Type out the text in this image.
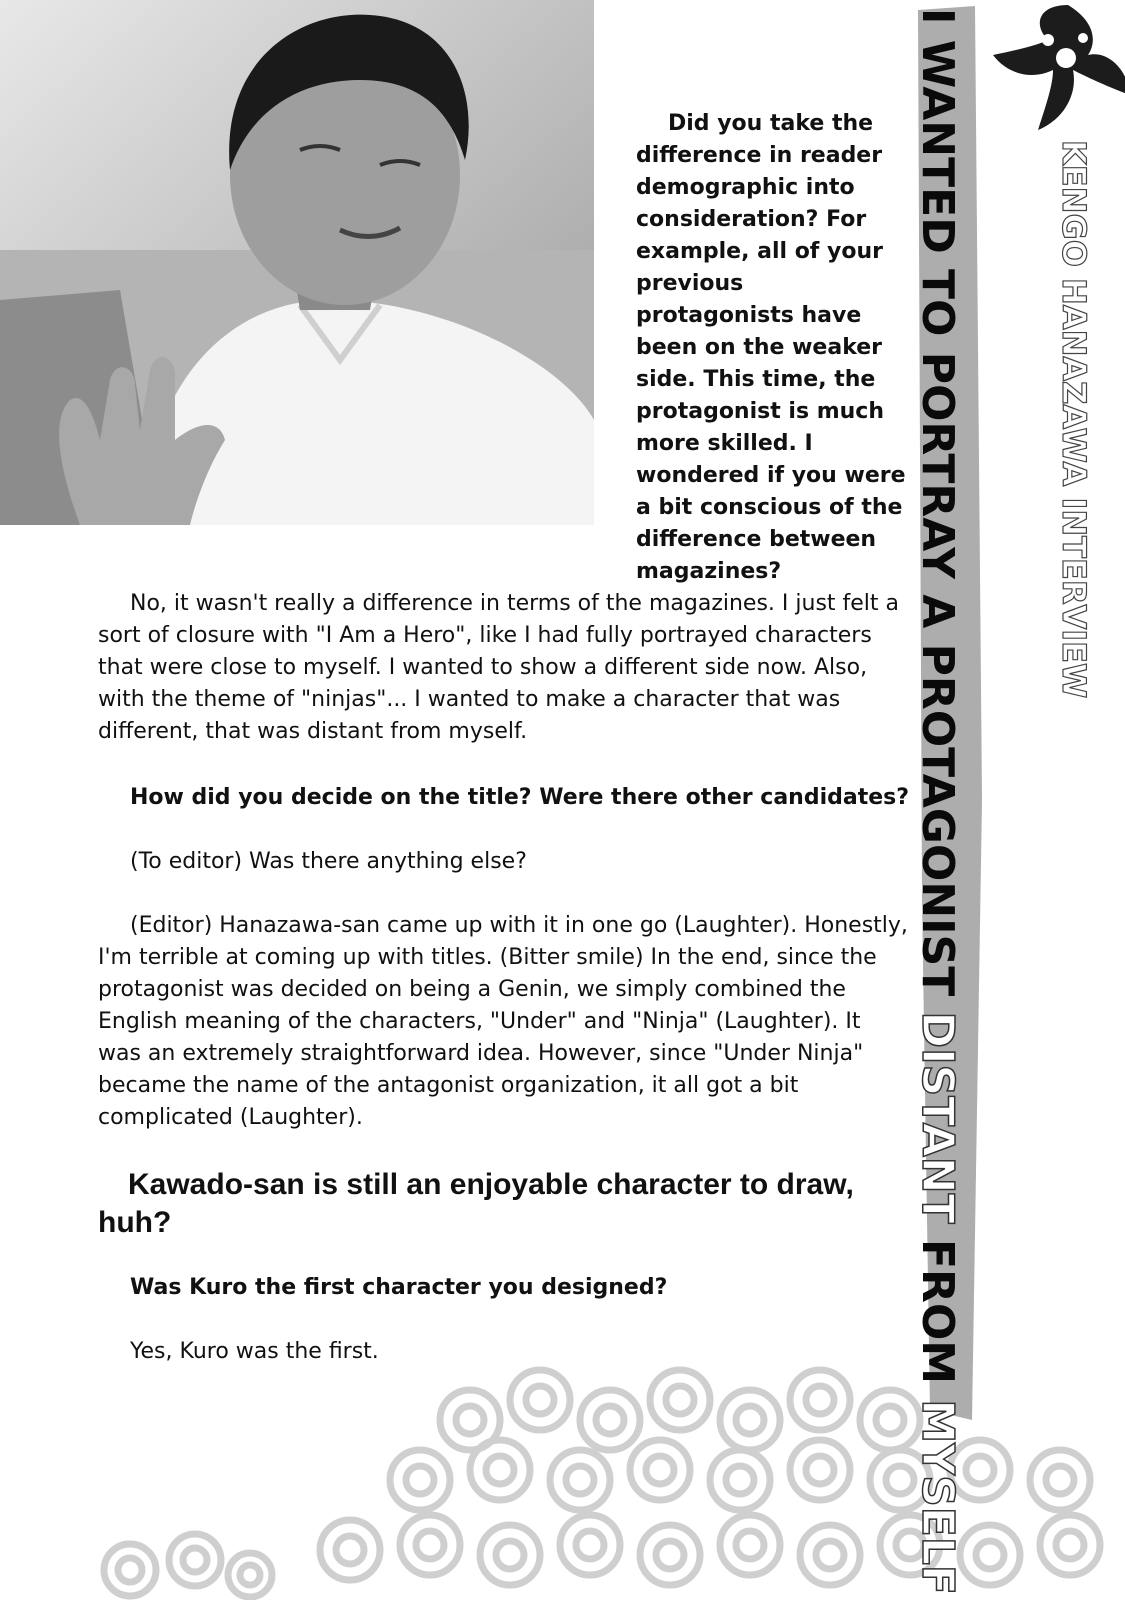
Did you take the difference in reader demographic into consideration? For example, all of your previous protagonists have been on the weaker side. This time, the protagonist is much more skilled. I wondered if you were a bit conscious of the difference between magazines?

No, it wasn't really a difference in terms of the magazines. I just felt a sort of closure with "I Am a Hero", like I had fully portrayed characters that were close to myself. I wanted to show a different side now. Also, with the theme of "ninjas"... I wanted to make a character that was different, that was distant from myself.

How did you decide on the title? Were there other candidates?

(To editor) Was there anything else?

(Editor) Hanazawa-san came up with it in one go (Laughter). Honestly, I'm terrible at coming up with titles. (Bitter smile) In the end, since the protagonist was decided on being a Genin, we simply combined the English meaning of the characters, "Under" and "Ninja" (Laughter). It was an extremely straightforward idea. However, since "Under Ninja" became the name of the antagonist organization, it all got a bit complicated (Laughter).

Kawado-san is still an enjoyable character to draw, huh?

Was Kuro the first character you designed?

Yes, Kuro was the first.

I WANTED TO PORTRAY A PROTAGONIST DISTANT FROM MYSELF
KENGO HANAZAWA INTERVIEW
